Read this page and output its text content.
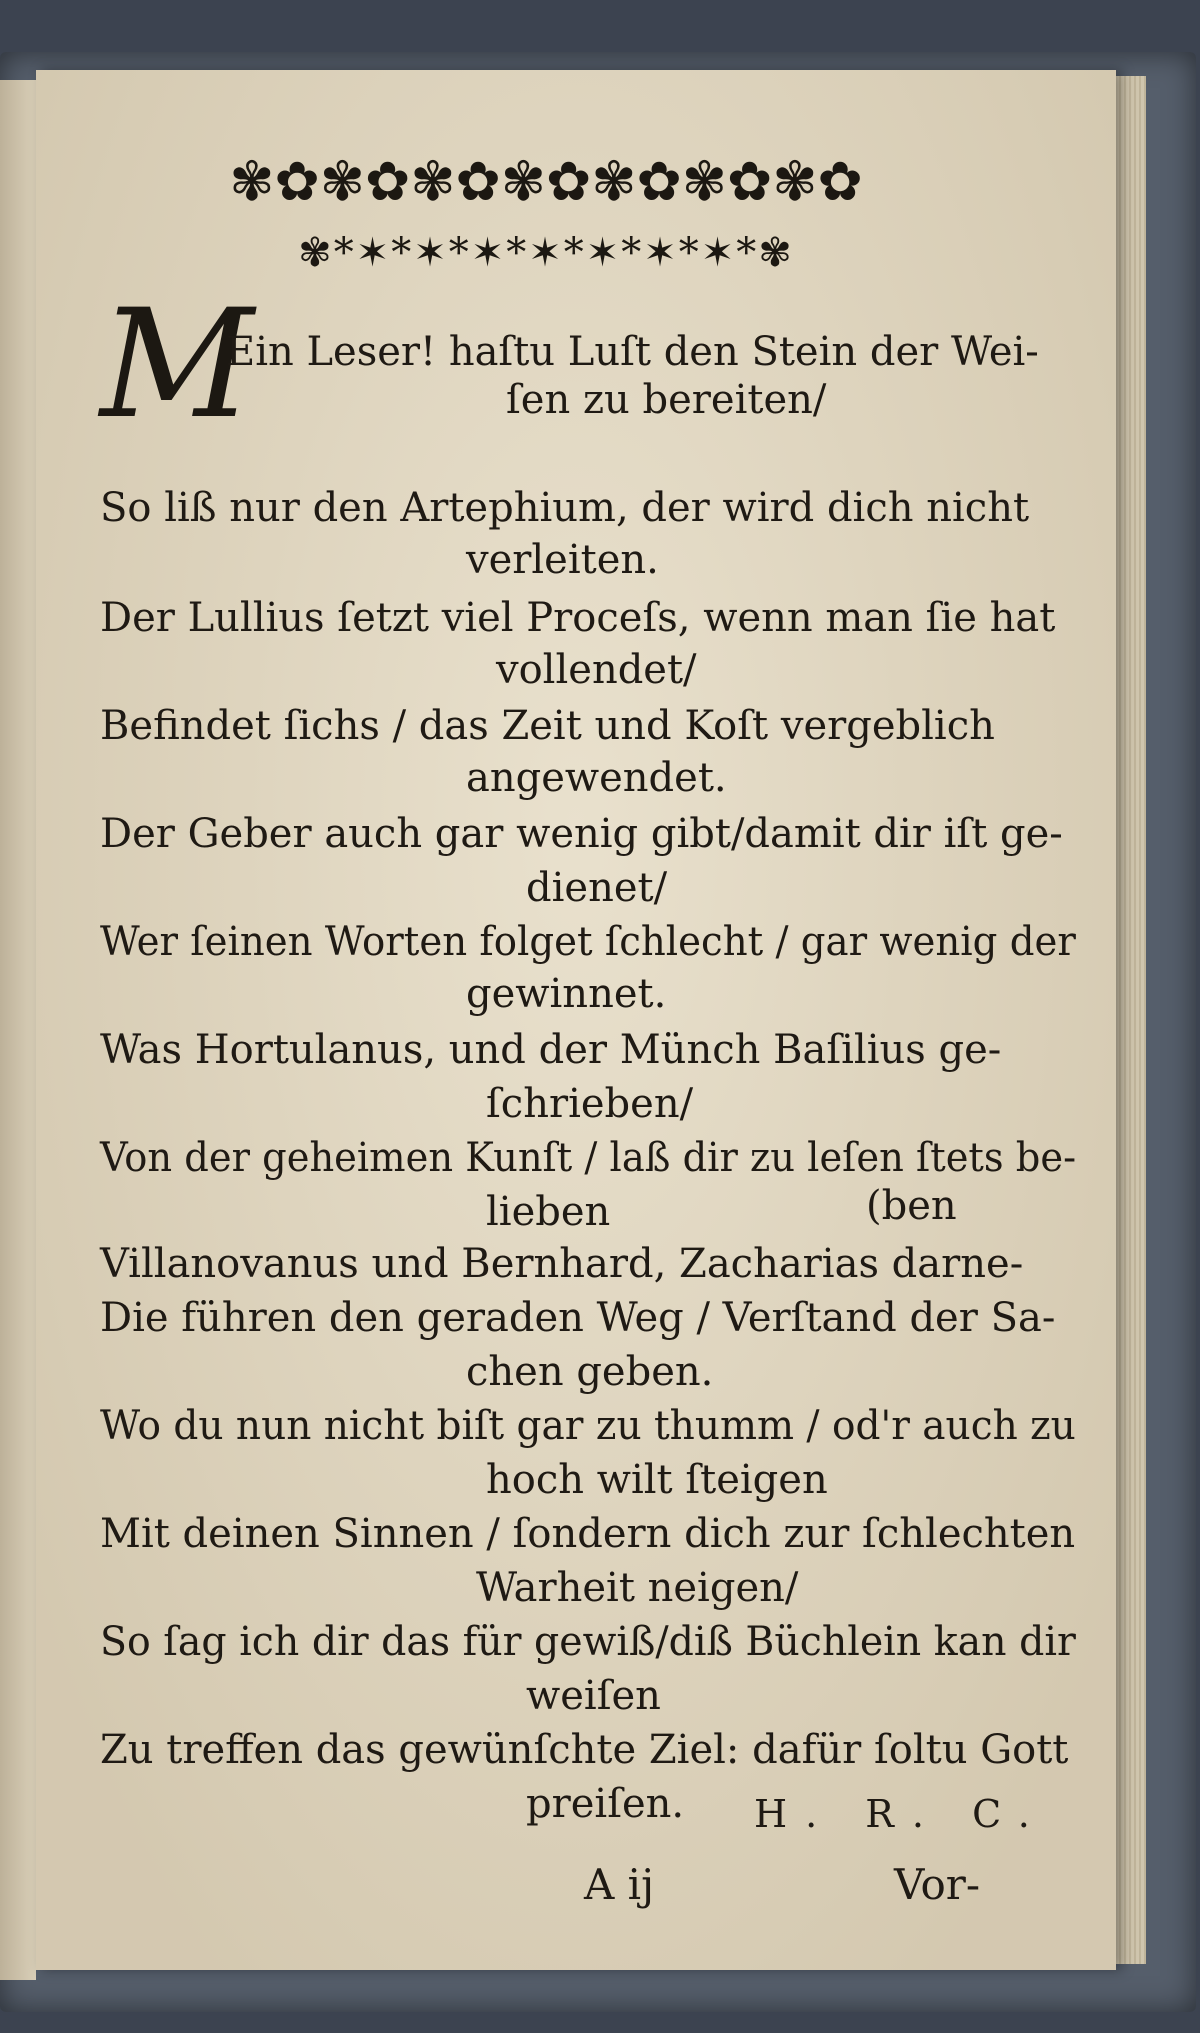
✾✿✾✿✾✿✾✿✾✿✾✿✾✿
✾*✶*✶*✶*✶*✶*✶*✶*✾
M
Ein Leser! haſtu Luſt den Stein der Wei-
ſen zu bereiten/
So liß nur den Artephium, der wird dich nicht
verleiten.
Der Lullius ſetzt viel Proceſs, wenn man ſie hat
vollendet/
Befindet ſichs / das Zeit und Koſt vergeblich
angewendet.
Der Geber auch gar wenig gibt/damit dir iſt ge-
dienet/
Wer ſeinen Worten folget ſchlecht / gar wenig der
gewinnet.
Was Hortulanus, und der Münch Baſilius ge-
ſchrieben/
Von der geheimen Kunſt / laß dir zu leſen ſtets be-
lieben	(ben
Villanovanus und Bernhard, Zacharias darne-
Die führen den geraden Weg / Verſtand der Sa-
chen geben.
Wo du nun nicht biſt gar zu thumm / od'r auch zu
hoch wilt ſteigen
Mit deinen Sinnen / ſondern dich zur ſchlechten
Warheit neigen/
So ſag ich dir das für gewiß/diß Büchlein kan dir
weiſen
Zu treffen das gewünſchte Ziel: dafür ſoltu Gott
preiſen. H. R. C.
A ij	Vor-
